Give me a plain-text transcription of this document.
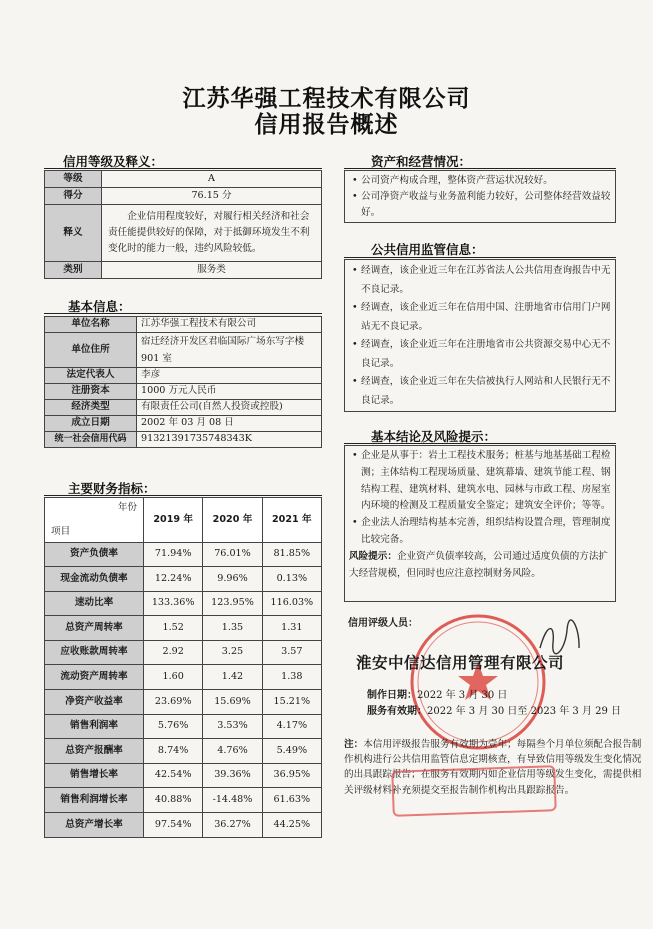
江苏华强工程技术有限公司
信用报告概述
信用等级及释义：
等级	A
得分	76.15 分
释义	企业信用程度较好，对履行相关经济和社会责任能提供较好的保障，对于抵御环境发生不利变化时的能力一般，违约风险较低。
类别	服务类
基本信息：
单位名称	江苏华强工程技术有限公司
单位住所	宿迁经济开发区君临国际广场东写字楼 901 室
法定代表人	李彦
注册资本	1000 万元人民币
经济类型	有限责任公司(自然人投资或控股)
成立日期	2002 年 03 月 08 日
统一社会信用代码	91321391735748343K
主要财务指标：
年份
项目	2019 年	2020 年	2021 年
资产负债率	71.94%	76.01%	81.85%
现金流动负债率	12.24%	9.96%	0.13%
速动比率	133.36%	123.95%	116.03%
总资产周转率	1.52	1.35	1.31
应收账款周转率	2.92	3.25	3.57
流动资产周转率	1.60	1.42	1.38
净资产收益率	23.69%	15.69%	15.21%
销售利润率	5.76%	3.53%	4.17%
总资产报酬率	8.74%	4.76%	5.49%
销售增长率	42.54%	39.36%	36.95%
销售利润增长率	40.88%	-14.48%	61.63%
总资产增长率	97.54%	36.27%	44.25%
资产和经营情况：

• 公司资产构成合理，整体资产营运状况较好。

• 公司净资产收益与业务盈利能力较好，公司整体经营效益较好。

公共信用监管信息：

• 经调查，该企业近三年在江苏省法人公共信用查询报告中无不良记录。

• 经调查，该企业近三年在信用中国、注册地省市信用门户网站无不良记录。

• 经调查，该企业近三年在注册地省市公共资源交易中心无不良记录。

• 经调查，该企业近三年在失信被执行人网站和人民银行无不良记录。

基本结论及风险提示：

• 企业是从事于：岩土工程技术服务；桩基与地基基础工程检测；主体结构工程现场质量、建筑幕墙、建筑节能工程、钢结构工程、建筑材料、建筑水电、园林与市政工程、房屋室内环境的检测及工程质量安全鉴定；建筑安全评价；等等。

• 企业法人治理结构基本完善，组织结构设置合理，管理制度比较完备。

风险提示：企业资产负债率较高，公司通过适度负债的方法扩大经营规模，但同时也应注意控制财务风险。

信用评级人员：
淮安中信达信用管理有限公司
制作日期：2022 年 3 月 30 日
服务有效期：2022 年 3 月 30 日至 2023 年 3 月 29 日
注：本信用评级报告服务有效期为壹年；每隔叁个月单位须配合报告制作机构进行公共信用监管信息定期核查，有导致信用等级发生变化情况的出具跟踪报告；在服务有效期内如企业信用等级发生变化，需提供相关评级材料补充须提交至报告制作机构出具跟踪报告。
